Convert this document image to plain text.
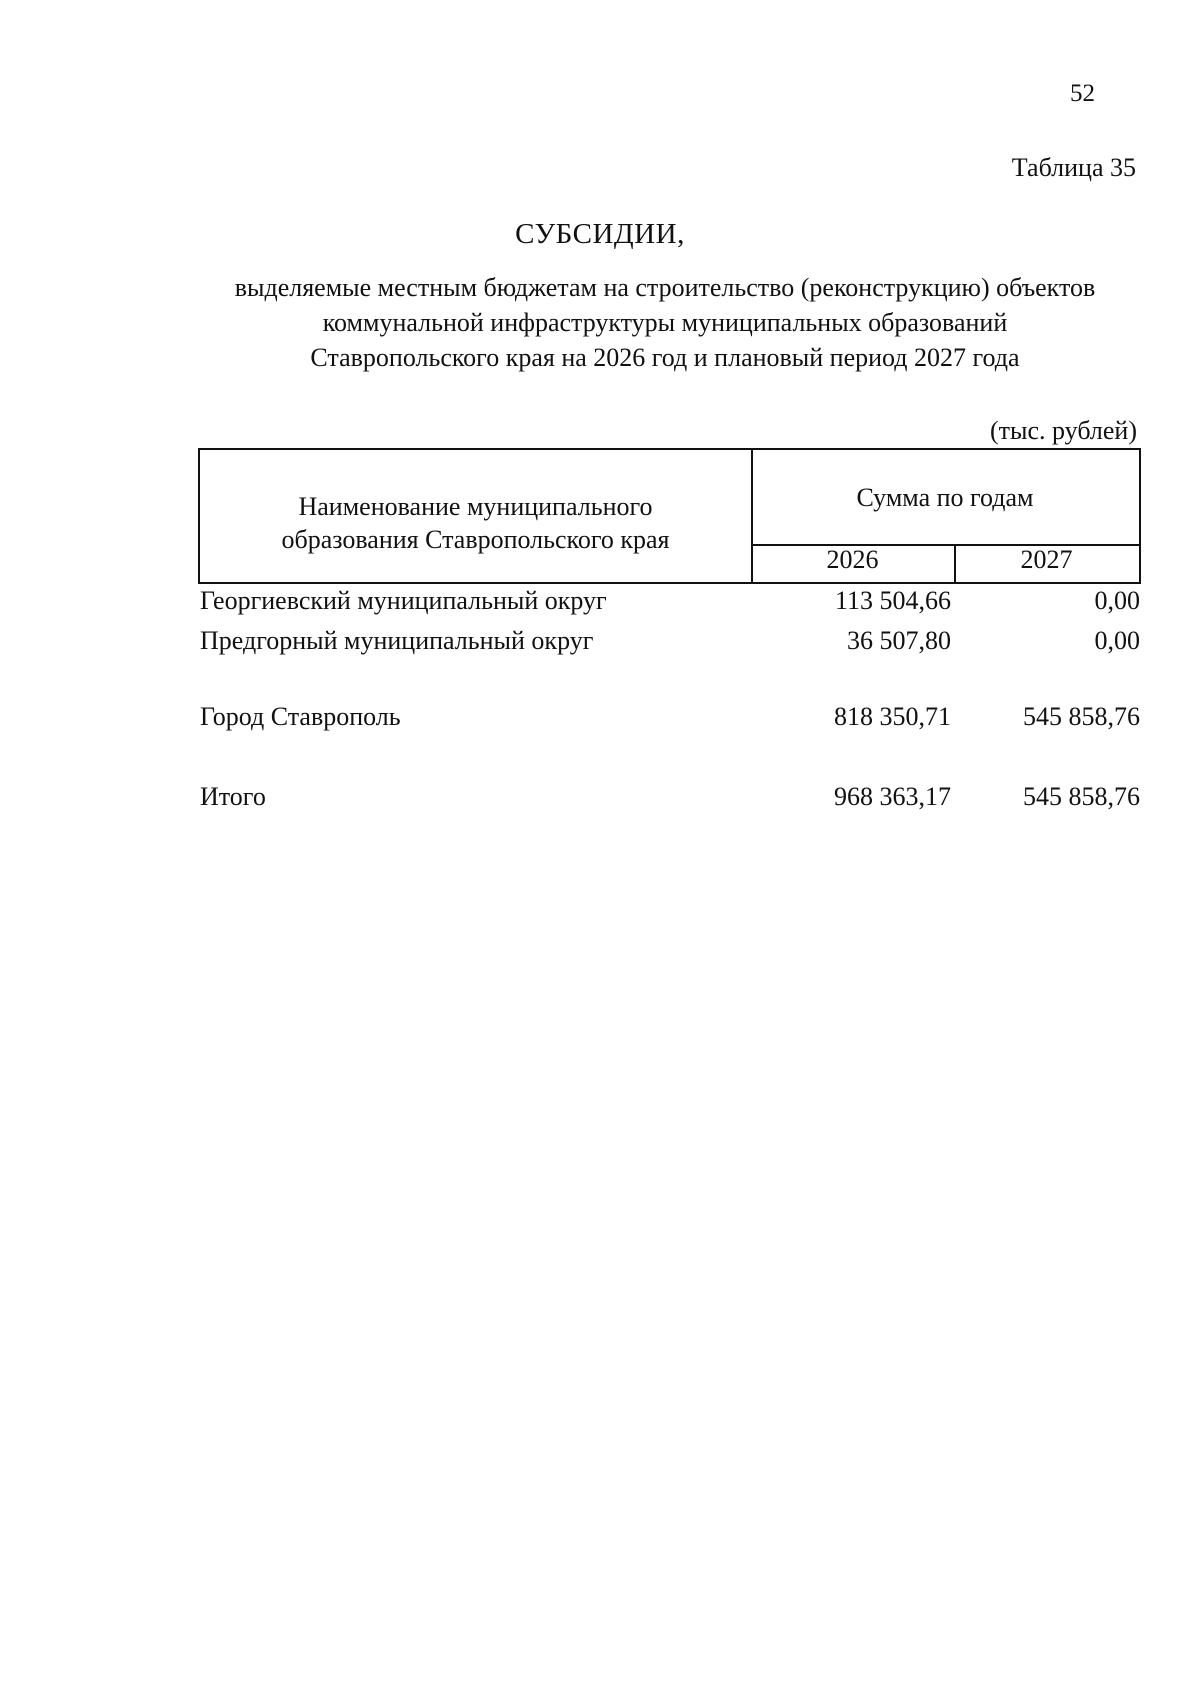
52
Таблица 35
СУБСИДИИ,
выделяемые местным бюджетам на строительство (реконструкцию) объектов
коммунальной инфраструктуры муниципальных образований
Ставропольского края на 2026 год и плановый период 2027 года
(тыс. рублей)
Наименование муниципального
образования Ставропольского края
Сумма по годам
2026	2027
Георгиевский муниципальный округ	113 504,66	0,00
Предгорный муниципальный округ	36 507,80	0,00
Город Ставрополь	818 350,71	545 858,76
Итого	968 363,17	545 858,76
